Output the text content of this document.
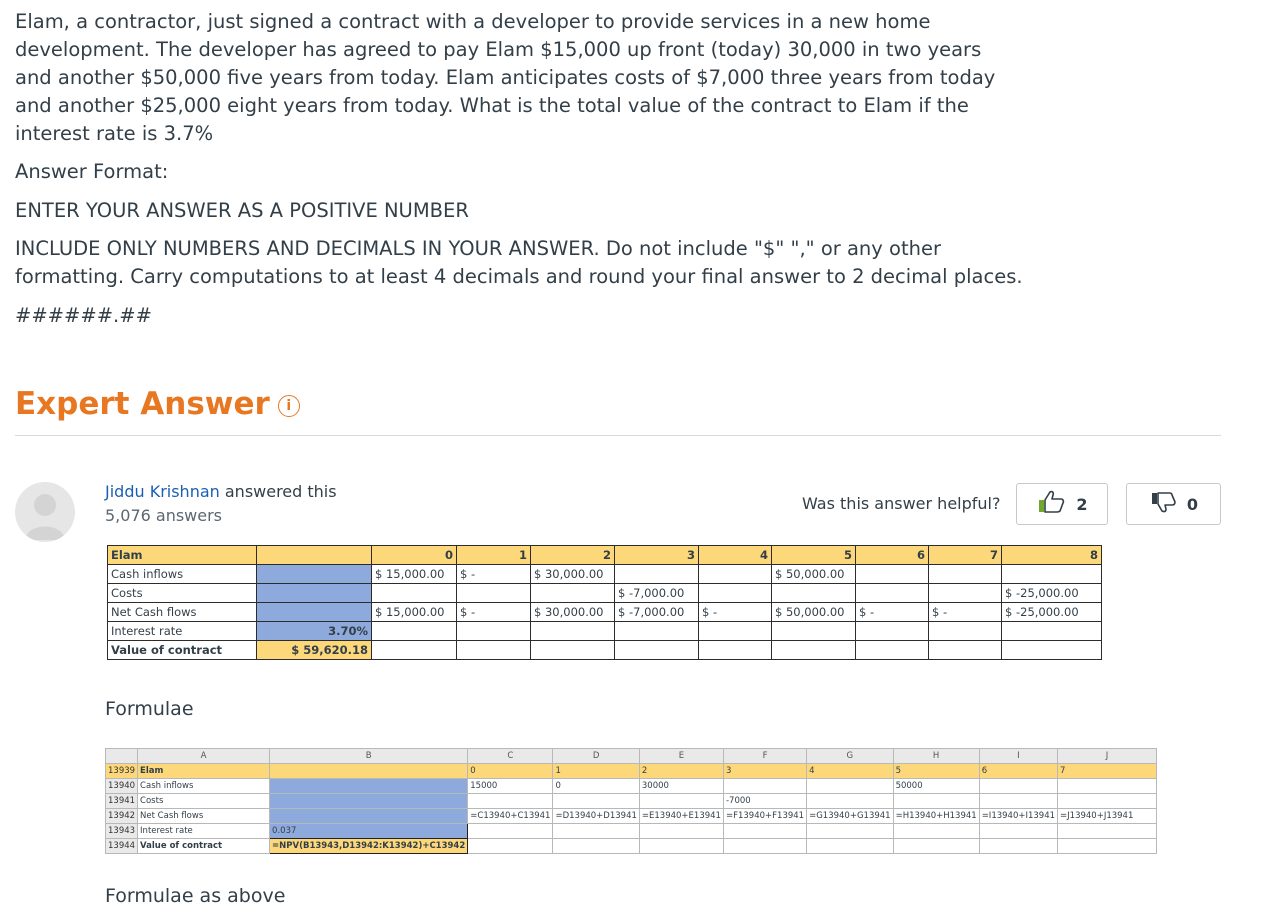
Elam, a contractor, just signed a contract with a developer to provide services in a new home
development. The developer has agreed to pay Elam $15,000 up front (today) 30,000 in two years
and another $50,000 five years from today. Elam anticipates costs of $7,000 three years from today
and another $25,000 eight years from today. What is the total value of the contract to Elam if the
interest rate is 3.7%
Answer Format:
ENTER YOUR ANSWER AS A POSITIVE NUMBER
INCLUDE ONLY NUMBERS AND DECIMALS IN YOUR ANSWER. Do not include "$" "," or any other
formatting. Carry computations to at least 4 decimals and round your final answer to 2 decimal places.
######.##
Expert Answer i
Jiddu Krishnan answered this
5,076 answers
Was this answer helpful?	2	0
Elam		0	1	2	3	4	5	6	7	8
Cash inflows		$ 15,000.00	$ -	$ 30,000.00			$ 50,000.00			
Costs					$ -7,000.00					$ -25,000.00
Net Cash flows		$ 15,000.00	$ -	$ 30,000.00	$ -7,000.00	$ -	$ 50,000.00	$ -	$ -	$ -25,000.00
Interest rate	3.70%									
Value of contract	$ 59,620.18									
Formulae
	A	B	C	D	E	F	G	H	I	J
13939	Elam		0	1	2	3	4	5	6	7
13940	Cash inflows		15000	0	30000			50000		
13941	Costs					-7000				
13942	Net Cash flows		=C13940+C13941	=D13940+D13941	=E13940+E13941	=F13940+F13941	=G13940+G13941	=H13940+H13941	=I13940+I13941	=J13940+J13941
13943	Interest rate	0.037								
13944	Value of contract	=NPV(B13943,D13942:K13942)+C13942								
Formulae as above
